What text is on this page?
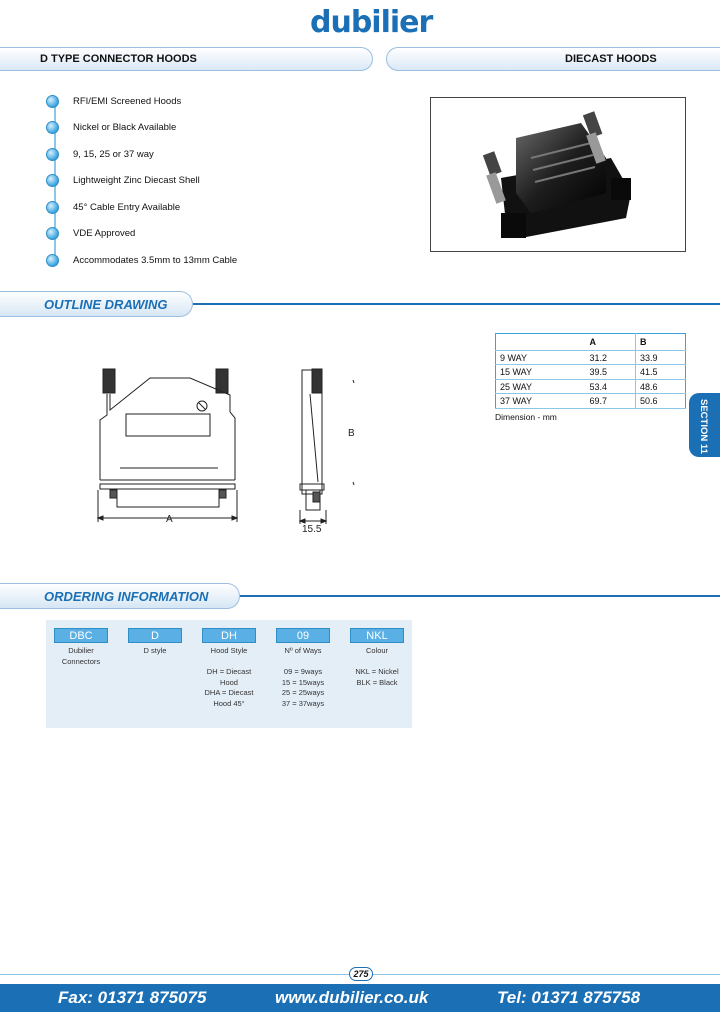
dubilier
D TYPE CONNECTOR HOODS	DIECAST HOODS
RFI/EMI Screened Hoods
Nickel or Black Available
9, 15, 25 or 37 way
Lightweight Zinc Diecast Shell
45° Cable Entry Available
VDE Approved
Accommodates 3.5mm to 13mm Cable
OUTLINE DRAWING
A
B
15.5
	A	B
9 WAY	31.2	33.9
15 WAY	39.5	41.5
25 WAY	53.4	48.6
37 WAY	69.7	50.6
Dimension - mm	SECTION 11
ORDERING INFORMATION
DBC
Dubilier
Connectors
D
D style
DH
Hood Style

DH = Diecast
Hood
DHA = Diecast
Hood 45°
09
Nº of Ways

09 = 9ways
15 = 15ways
25 = 25ways
37 = 37ways
NKL
Colour

NKL = Nickel
BLK = Black
275
Fax: 01371 875075	www.dubilier.co.uk	Tel: 01371 875758
